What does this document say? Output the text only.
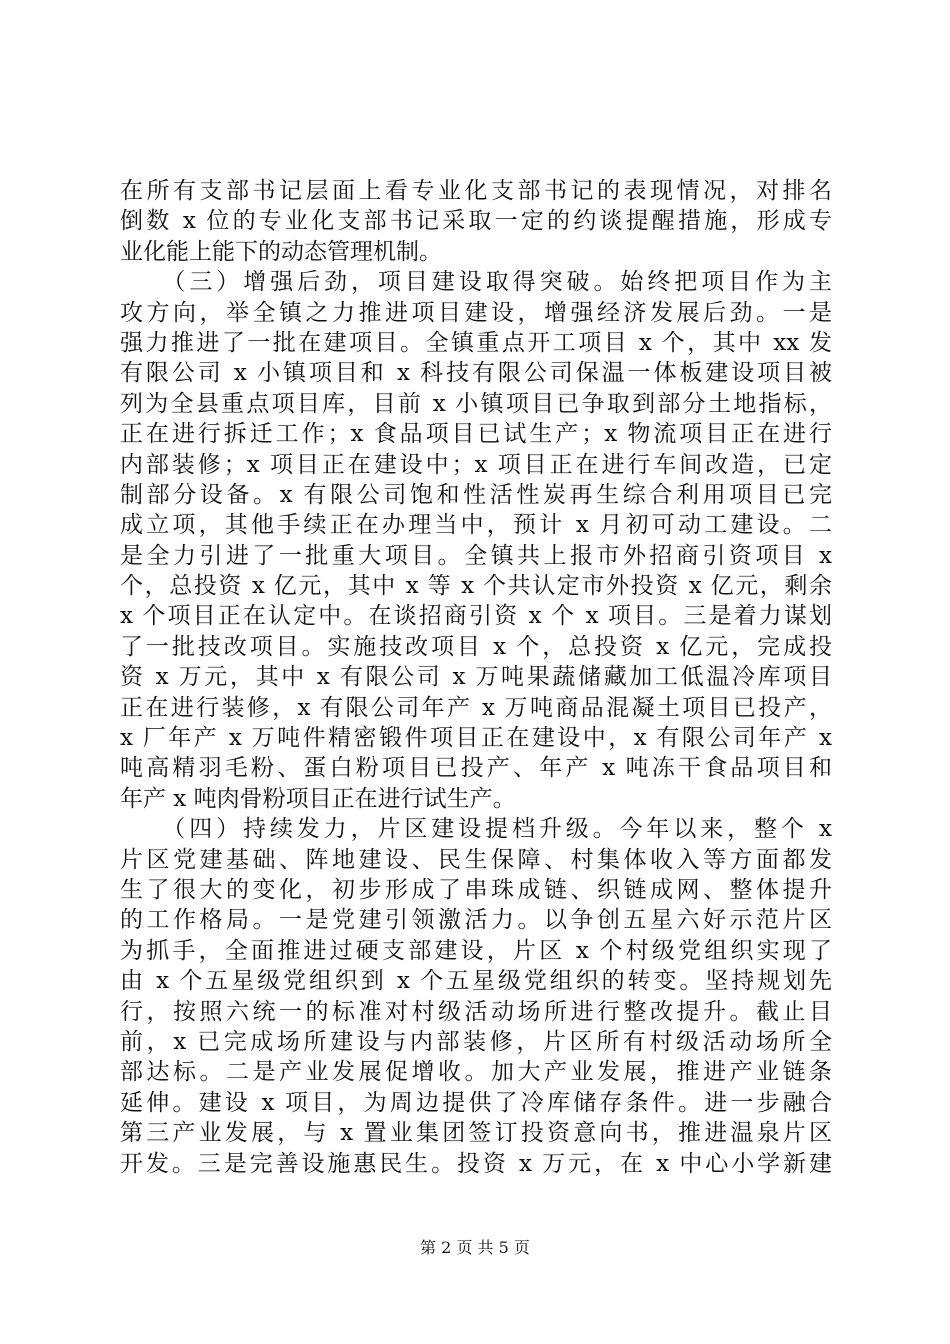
在所有支部书记层面上看专业化支部书记的表现情况，对排名
倒数 x 位的专业化支部书记采取一定的约谈提醒措施，形成专
业化能上能下的动态管理机制。
　　（三）增强后劲，项目建设取得突破。始终把项目作为主
攻方向，举全镇之力推进项目建设，增强经济发展后劲。一是
强力推进了一批在建项目。全镇重点开工项目 x 个，其中 xx 发
有限公司 x 小镇项目和 x 科技有限公司保温一体板建设项目被
列为全县重点项目库，目前 x 小镇项目已争取到部分土地指标，
正在进行拆迁工作；x 食品项目已试生产；x 物流项目正在进行
内部装修；x 项目正在建设中；x 项目正在进行车间改造，已定
制部分设备。x 有限公司饱和性活性炭再生综合利用项目已完
成立项，其他手续正在办理当中，预计 x 月初可动工建设。二
是全力引进了一批重大项目。全镇共上报市外招商引资项目 x
个，总投资 x 亿元，其中 x 等 x 个共认定市外投资 x 亿元，剩余
x 个项目正在认定中。在谈招商引资 x 个 x 项目。三是着力谋划
了一批技改项目。实施技改项目 x 个，总投资 x 亿元，完成投
资 x 万元，其中 x 有限公司 x 万吨果蔬储藏加工低温冷库项目
正在进行装修，x 有限公司年产 x 万吨商品混凝土项目已投产，
x 厂年产 x 万吨件精密锻件项目正在建设中，x 有限公司年产 x
吨高精羽毛粉、蛋白粉项目已投产、年产 x 吨冻干食品项目和
年产 x 吨肉骨粉项目正在进行试生产。
　　（四）持续发力，片区建设提档升级。今年以来，整个 x
片区党建基础、阵地建设、民生保障、村集体收入等方面都发
生了很大的变化，初步形成了串珠成链、织链成网、整体提升
的工作格局。一是党建引领激活力。以争创五星六好示范片区
为抓手，全面推进过硬支部建设，片区 x 个村级党组织实现了
由 x 个五星级党组织到 x 个五星级党组织的转变。坚持规划先
行，按照六统一的标准对村级活动场所进行整改提升。截止目
前，x 已完成场所建设与内部装修，片区所有村级活动场所全
部达标。二是产业发展促增收。加大产业发展，推进产业链条
延伸。建设 x 项目，为周边提供了冷库储存条件。进一步融合
第三产业发展，与 x 置业集团签订投资意向书，推进温泉片区
开发。三是完善设施惠民生。投资 x 万元，在 x 中心小学新建
第 2 页 共 5 页
